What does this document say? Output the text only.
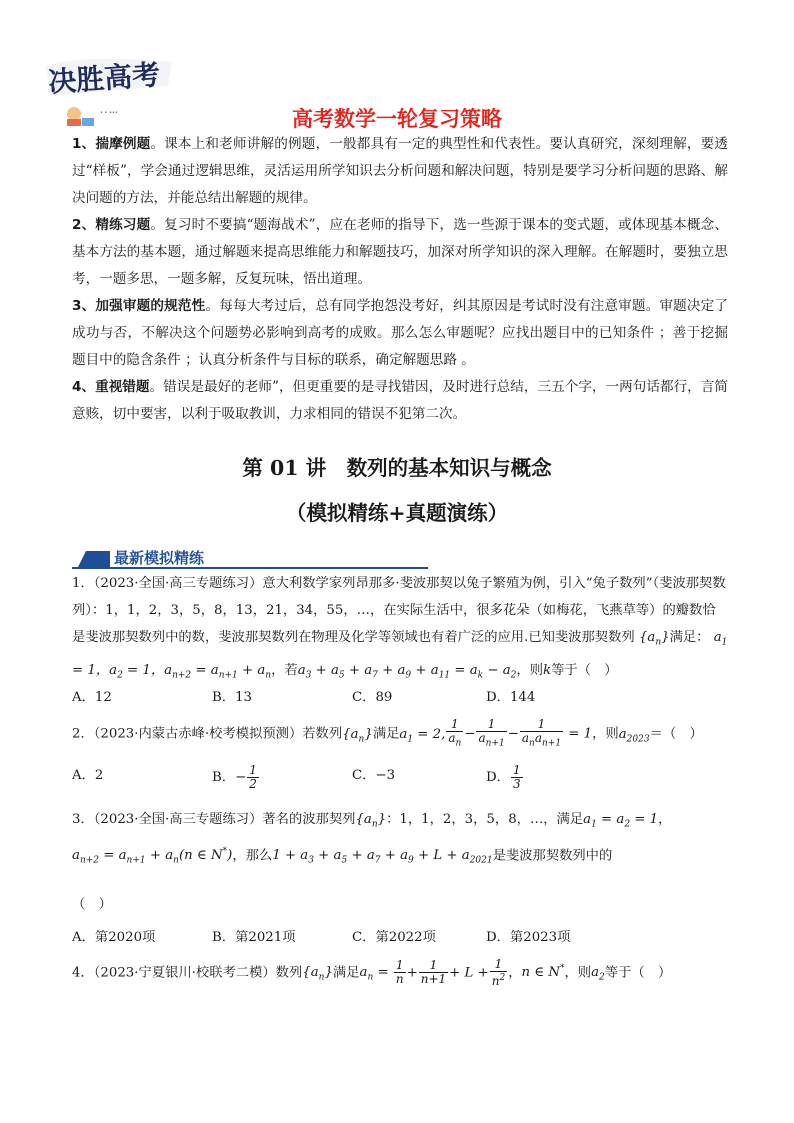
决胜高考
• • •••	高考数学一轮复习策略

1、揣摩例题。课本上和老师讲解的例题，一般都具有一定的典型性和代表性。要认真研究，深刻理解，要透过“样板”，学会通过逻辑思维，灵活运用所学知识去分析问题和解决问题，特别是要学习分析问题的思路、解决问题的方法，并能总结出解题的规律。

2、精练习题。复习时不要搞“题海战术”，应在老师的指导下，选一些源于课本的变式题，或体现基本概念、基本方法的基本题，通过解题来提高思维能力和解题技巧，加深对所学知识的深入理解。在解题时，要独立思考，一题多思，一题多解，反复玩味，悟出道理。

3、加强审题的规范性。每每大考过后，总有同学抱怨没考好，纠其原因是考试时没有注意审题。审题决定了成功与否，不解决这个问题势必影响到高考的成败。那么怎么审题呢？应找出题目中的已知条件 ；善于挖掘题目中的隐含条件 ；认真分析条件与目标的联系，确定解题思路 。

4、重视错题。错误是最好的老师”，但更重要的是寻找错因，及时进行总结，三五个字，一两句话都行，言简意赅，切中要害，以利于吸取教训，力求相同的错误不犯第二次。

第 01 讲　数列的基本知识与概念
（模拟精练+真题演练）
最新模拟精练
1．（2023·全国·高三专题练习）意大利数学家列昂那多·斐波那契以兔子繁殖为例，引入“兔子数列”（斐波那契数列）：1，1，2，3，5，8，13，21，34，55，…，在实际生活中，很多花朵（如梅花，飞燕草等）的瓣数恰是斐波那契数列中的数，斐波那契数列在物理及化学等领域也有着广泛的应用.已知斐波那契数列 $\{a_n\}$满足： $a_1 = 1$，$a_2 = 1$，$a_{n+2} = a_{n+1} + a_n$，若$a_3 + a_5 + a_7 + a_9 + a_{11} = a_k - a_2$，则k等于（　）
A．12	B．13	C．89	D．144
2．（2023·内蒙古赤峰·校考模拟预测）若数列$\{a_n\}$满足$a_1 = 2$, $\frac{1}{a_n} - \frac{1}{a_{n+1}} - \frac{1}{a_na_{n+1}} = 1$，则$a_{2023}=$（　）
A．2	B．− $\frac{1}{2}$	C．−3	D． $\frac{1}{3}$
3．（2023·全国·高三专题练习）著名的波那契列$\{a_n\}$：1，1，2，3，5，8，…，满足$a_1 = a_2 = 1$，
$a_{n+2} = a_{n+1} + a_n(n$ ∈ N*)，那么$1 + a_3 + a_5 + a_7 + a_9 + L + a_{2021}$是斐波那契数列中的
（　）
A．第2020项	B．第2021项	C．第2022项	D．第2023项
4．（2023·宁夏银川·校联考二模）数列$\{a_n\}$满足$a_n = \frac{1}{n} + \frac{1}{n+1} + L + \frac{1}{n^2}$ ，n ∈ N*，则$a_2$等于（　）
